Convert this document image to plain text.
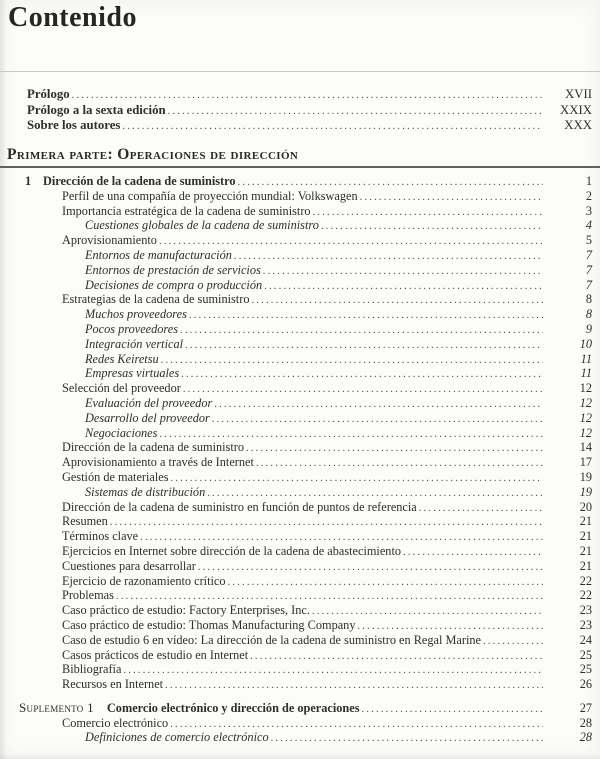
Contenido
Prólogo .....	XVII
Prólogo a la sexta edición .....	XXIX
Sobre los autores .....	XXX
Primera parte: Operaciones de dirección
1 Dirección de la cadena de suministro .....	1
Perfil de una compañía de proyección mundial: Volkswagen .....	2
Importancia estratégica de la cadena de suministro .....	3
Cuestiones globales de la cadena de suministro .....	4
Aprovisionamiento .....	5
Entornos de manufacturación .....	7
Entornos de prestación de servicios .....	7
Decisiones de compra o producción .....	7
Estrategias de la cadena de suministro .....	8
Muchos proveedores .....	8
Pocos proveedores .....	9
Integración vertical .....	10
Redes Keiretsu .....	11
Empresas virtuales .....	11
Selección del proveedor .....	12
Evaluación del proveedor .....	12
Desarrollo del proveedor .....	12
Negociaciones .....	12
Dirección de la cadena de suministro .....	14
Aprovisionamiento a través de Internet .....	17
Gestión de materiales .....	19
Sistemas de distribución .....	19
Dirección de la cadena de suministro en función de puntos de referencia .....	20
Resumen .....	21
Términos clave .....	21
Ejercicios en Internet sobre dirección de la cadena de abastecimiento .....	21
Cuestiones para desarrollar .....	21
Ejercicio de razonamiento crítico .....	22
Problemas .....	22
Caso práctico de estudio: Factory Enterprises, Inc. .....	23
Caso práctico de estudio: Thomas Manufacturing Company .....	23
Caso de estudio 6 en vídeo: La dirección de la cadena de suministro en Regal Marine .....	24
Casos prácticos de estudio en Internet .....	25
Bibliografía .....	25
Recursos en Internet .....	26
Suplemento 1 Comercio electrónico y dirección de operaciones .....	27
Comercio electrónico .....	28
Definiciones de comercio electrónico .....	28
